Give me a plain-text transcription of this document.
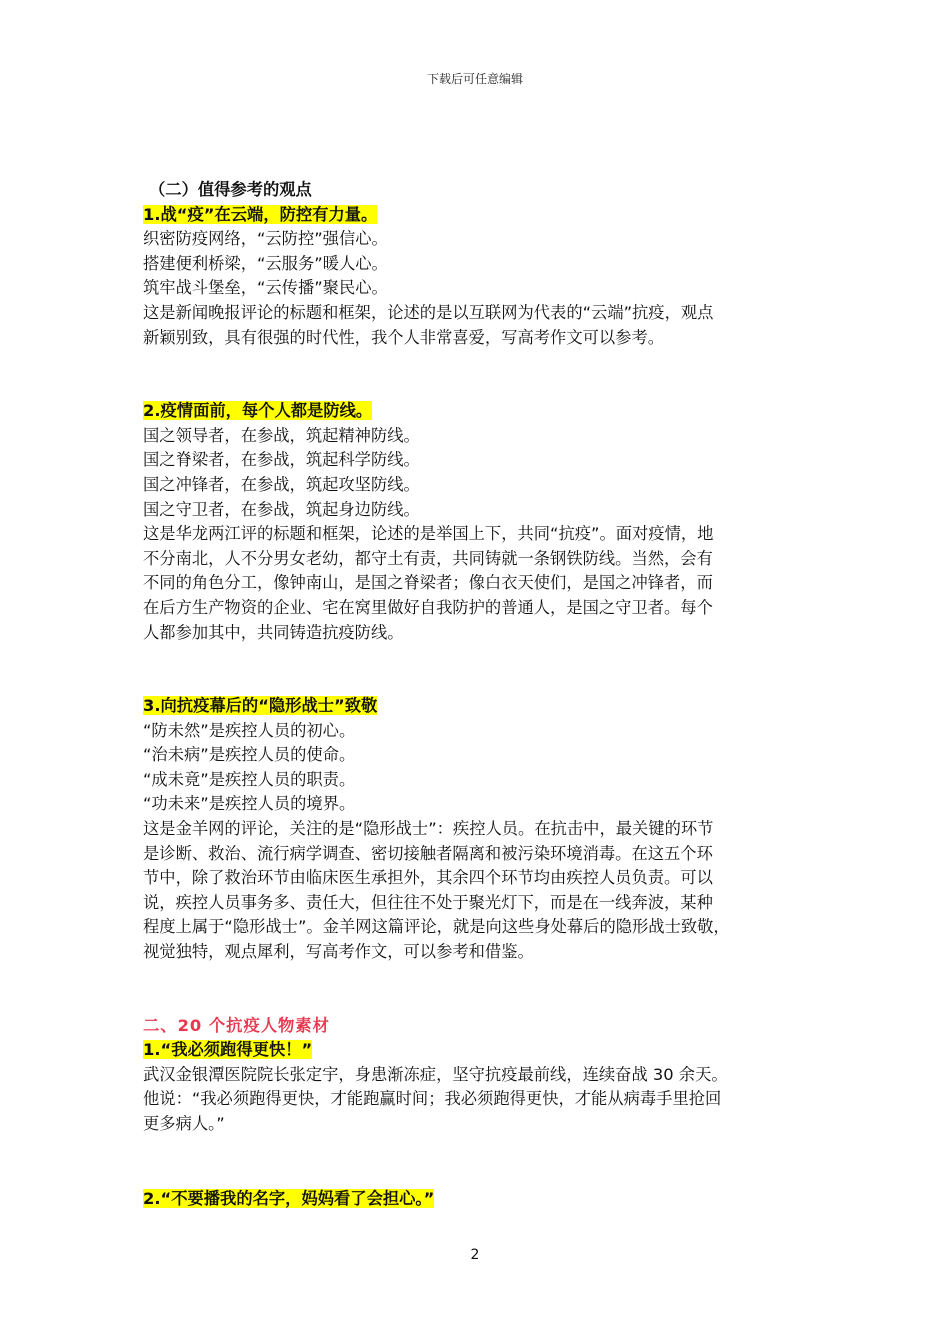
下载后可任意编辑

（二）值得参考的观点

1.战“疫”在云端，防控有力量。

织密防疫网络，“云防控”强信心。

搭建便利桥梁，“云服务”暖人心。

筑牢战斗堡垒，“云传播”聚民心。

这是新闻晚报评论的标题和框架，论述的是以互联网为代表的“云端”抗疫，观点

新颖别致，具有很强的时代性，我个人非常喜爱，写高考作文可以参考。

2.疫情面前，每个人都是防线。

国之领导者，在参战，筑起精神防线。

国之脊梁者，在参战，筑起科学防线。

国之冲锋者，在参战，筑起攻坚防线。

国之守卫者，在参战，筑起身边防线。

这是华龙两江评的标题和框架，论述的是举国上下，共同“抗疫”。面对疫情，地

不分南北，人不分男女老幼，都守土有责，共同铸就一条钢铁防线。当然，会有

不同的角色分工，像钟南山，是国之脊梁者；像白衣天使们，是国之冲锋者，而

在后方生产物资的企业、宅在窝里做好自我防护的普通人，是国之守卫者。每个

人都参加其中，共同铸造抗疫防线。

3.向抗疫幕后的“隐形战士”致敬

“防未然”是疾控人员的初心。

“治未病”是疾控人员的使命。

“成未竟”是疾控人员的职责。

“功未来”是疾控人员的境界。

这是金羊网的评论，关注的是“隐形战士”：疾控人员。在抗击中，最关键的环节

是诊断、救治、流行病学调查、密切接触者隔离和被污染环境消毒。在这五个环

节中，除了救治环节由临床医生承担外，其余四个环节均由疾控人员负责。可以

说，疾控人员事务多、责任大，但往往不处于聚光灯下，而是在一线奔波，某种

程度上属于“隐形战士”。金羊网这篇评论，就是向这些身处幕后的隐形战士致敬，

视觉独特，观点犀利，写高考作文，可以参考和借鉴。

二、20 个抗疫人物素材

1.“我必须跑得更快！”

武汉金银潭医院院长张定宇，身患渐冻症，坚守抗疫最前线，连续奋战 30 余天。

他说：“我必须跑得更快，才能跑赢时间；我必须跑得更快，才能从病毒手里抢回

更多病人。”

2.“不要播我的名字，妈妈看了会担心。”

2
